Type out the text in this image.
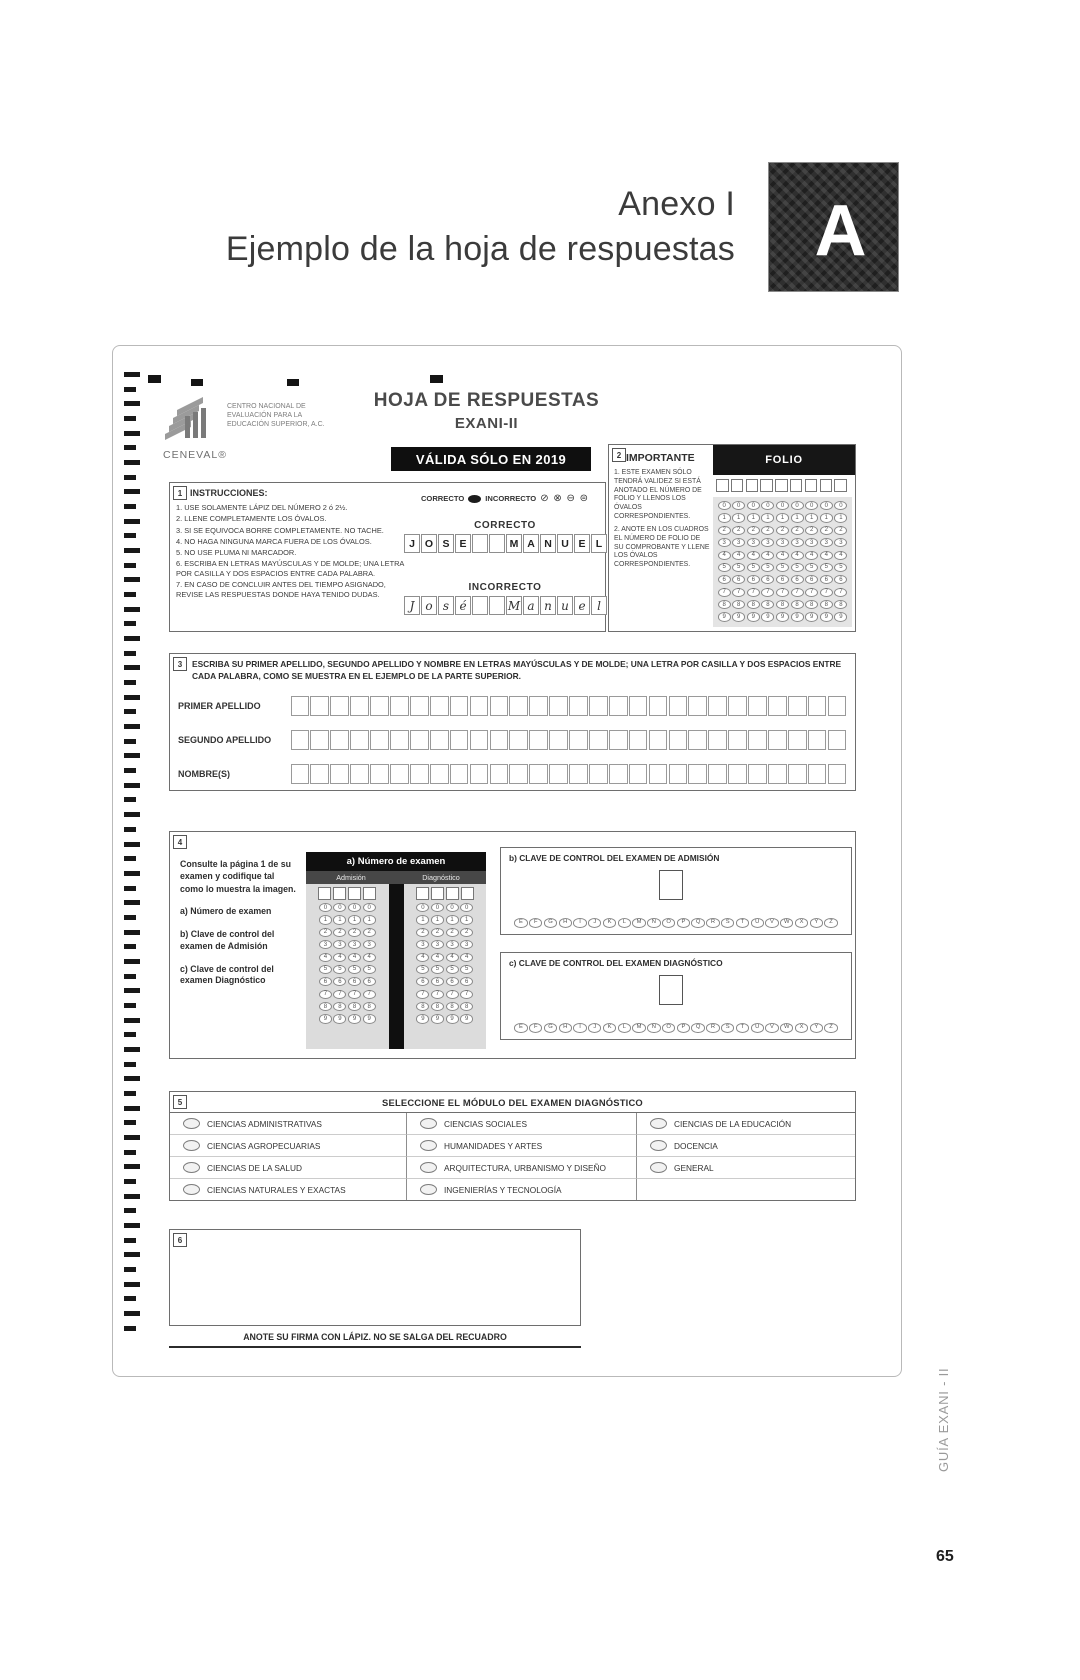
Anexo I
Ejemplo de la hoja de respuestas A
CENTRO NACIONAL DE EVALUACIÓN PARA LA EDUCACIÓN SUPERIOR, A.C.
CENEVAL®
HOJA DE RESPUESTAS
EXANI-II
VÁLIDA SÓLO EN 2019
1 INSTRUCCIONES:
1. USE SOLAMENTE LÁPIZ DEL NÚMERO 2 ó 2½.
2. LLENE COMPLETAMENTE LOS ÓVALOS.
3. SI SE EQUIVOCA BORRE COMPLETAMENTE. NO TACHE.
4. NO HAGA NINGUNA MARCA FUERA DE LOS ÓVALOS.
5. NO USE PLUMA NI MARCADOR.
6. ESCRIBA EN LETRAS MAYÚSCULAS Y DE MOLDE; UNA LETRA POR CASILLA Y DOS ESPACIOS ENTRE CADA PALABRA.
7. EN CASO DE CONCLUIR ANTES DEL TIEMPO ASIGNADO, REVISE LAS RESPUESTAS DONDE HAYA TENIDO DUDAS.
CORRECTO	INCORRECTO ⊘ ⊗ ⊖ ⊜
CORRECTO
J O S E	M A N U E L
INCORRECTO
J o s é	M a n u e l
2 IMPORTANTE
1. ESTE EXAMEN SÓLO TENDRÁ VALIDEZ SI ESTÁ ANOTADO EL NÚMERO DE FOLIO Y LLENOS LOS ÓVALOS CORRESPONDIENTES.
2. ANOTE EN LOS CUADROS EL NÚMERO DE FOLIO DE SU COMPROBANTE Y LLENE LOS ÓVALOS CORRESPONDIENTES.
FOLIO
0	0	0	0	0	0	0	0	0
1	1	1	1	1	1	1	1	1
2	2	2	2	2	2	2	2	2
3	3	3	3	3	3	3	3	3
4	4	4	4	4	4	4	4	4
5	5	5	5	5	5	5	5	5
6	6	6	6	6	6	6	6	6
7	7	7	7	7	7	7	7	7
8	8	8	8	8	8	8	8	8
9	9	9	9	9	9	9	9	9
3	ESCRIBA SU PRIMER APELLIDO, SEGUNDO APELLIDO Y NOMBRE EN LETRAS MAYÚSCULAS Y DE MOLDE; UNA LETRA POR CASILLA Y DOS ESPACIOS ENTRE CADA PALABRA, COMO SE MUESTRA EN EL EJEMPLO DE LA PARTE SUPERIOR.
PRIMER APELLIDO
SEGUNDO APELLIDO
NOMBRE(S)
4
Consulte la página 1 de su examen y codifique tal como lo muestra la imagen.
a) Número de examen
b) Clave de control del examen de Admisión
c) Clave de control del examen Diagnóstico
a) Número de examen
Admisión	Diagnóstico
0	0	0	0
1	1	1	1
2	2	2	2
3	3	3	3
4	4	4	4
5	5	5	5
6	6	6	6
7	7	7	7
8	8	8	8
9	9	9	9
0	0	0	0
1	1	1	1
2	2	2	2
3	3	3	3
4	4	4	4
5	5	5	5
6	6	6	6
7	7	7	7
8	8	8	8
9	9	9	9
b) CLAVE DE CONTROL DEL EXAMEN DE ADMISIÓN
E	F	G	H	I	J	K	L	M	N	O	P	Q	R	S	T	U	V	W	X	Y	Z
c) CLAVE DE CONTROL DEL EXAMEN DIAGNÓSTICO
E	F	G	H	I	J	K	L	M	N	O	P	Q	R	S	T	U	V	W	X	Y	Z
5	SELECCIONE EL MÓDULO DEL EXAMEN DIAGNÓSTICO
CIENCIAS ADMINISTRATIVAS	CIENCIAS SOCIALES	CIENCIAS DE LA EDUCACIÓN
CIENCIAS AGROPECUARIAS	HUMANIDADES Y ARTES	DOCENCIA
CIENCIAS DE LA SALUD	ARQUITECTURA, URBANISMO Y DISEÑO	GENERAL
CIENCIAS NATURALES Y EXACTAS	INGENIERÍAS Y TECNOLOGÍA
6
ANOTE SU FIRMA CON LÁPIZ. NO SE SALGA DEL RECUADRO
GUÍA EXANI - II
65
